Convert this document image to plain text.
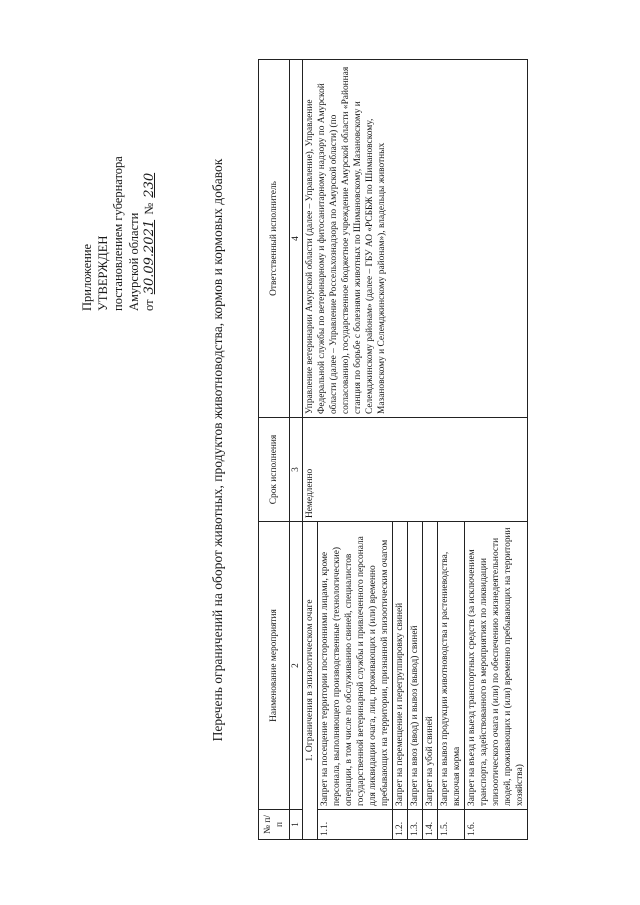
Приложение УТВЕРЖДЕН постановлением губернатора Амурской области от 30.09.2021 № 230	Перечень ограничений на оборот животных, продуктов животноводства, кормов и кормовых добавок
№ п/п	Наименование мероприятия	Срок исполнения	Ответственный исполнитель
1	2	3	4
1. Ограничения в эпизоотическом очаге		Немедленно	Управление ветеринарии Амурской области (далее – Управление), Управление Федеральной службы по ветеринарному и фитосанитарному надзору по Амурской области (далее – Управление Россельхознадзора по Амурской области) (по согласованию), государственное бюджетное учреждение Амурской области «Районная станция по борьбе с болезнями животных по Шимановскому, Мазановскому и Селемджинскому районам» (далее – ГБУ АО «РСББЖ по Шимановскому, Мазановскому и Селемджинскому районам»), владельцы животных
1.1.	Запрет на посещение территории посторонними лицами, кроме персонала, выполняющего производственные (технологические) операции, в том числе по обслуживанию свиней, специалистов государственной ветеринарной службы и привлеченного персонала для ликвидации очага, лиц, проживающих и (или) временно пребывающих на территории, признанной эпизоотическим очагом		
1.2.	Запрет на перемещение и перегруппировку свиней		
1.3.	Запрет на ввоз (ввод) и вывоз (вывод) свиней		
1.4.	Запрет на убой свиней		
1.5.	Запрет на вывоз продукции животноводства и растениеводства, включая корма		
1.6.	Запрет на въезд и выезд транспортных средств (за исключением транспорта, задействованного в мероприятиях по ликвидации эпизоотического очага и (или) по обеспечению жизнедеятельности людей, проживающих и (или) временно пребывающих на территории хозяйства)		
